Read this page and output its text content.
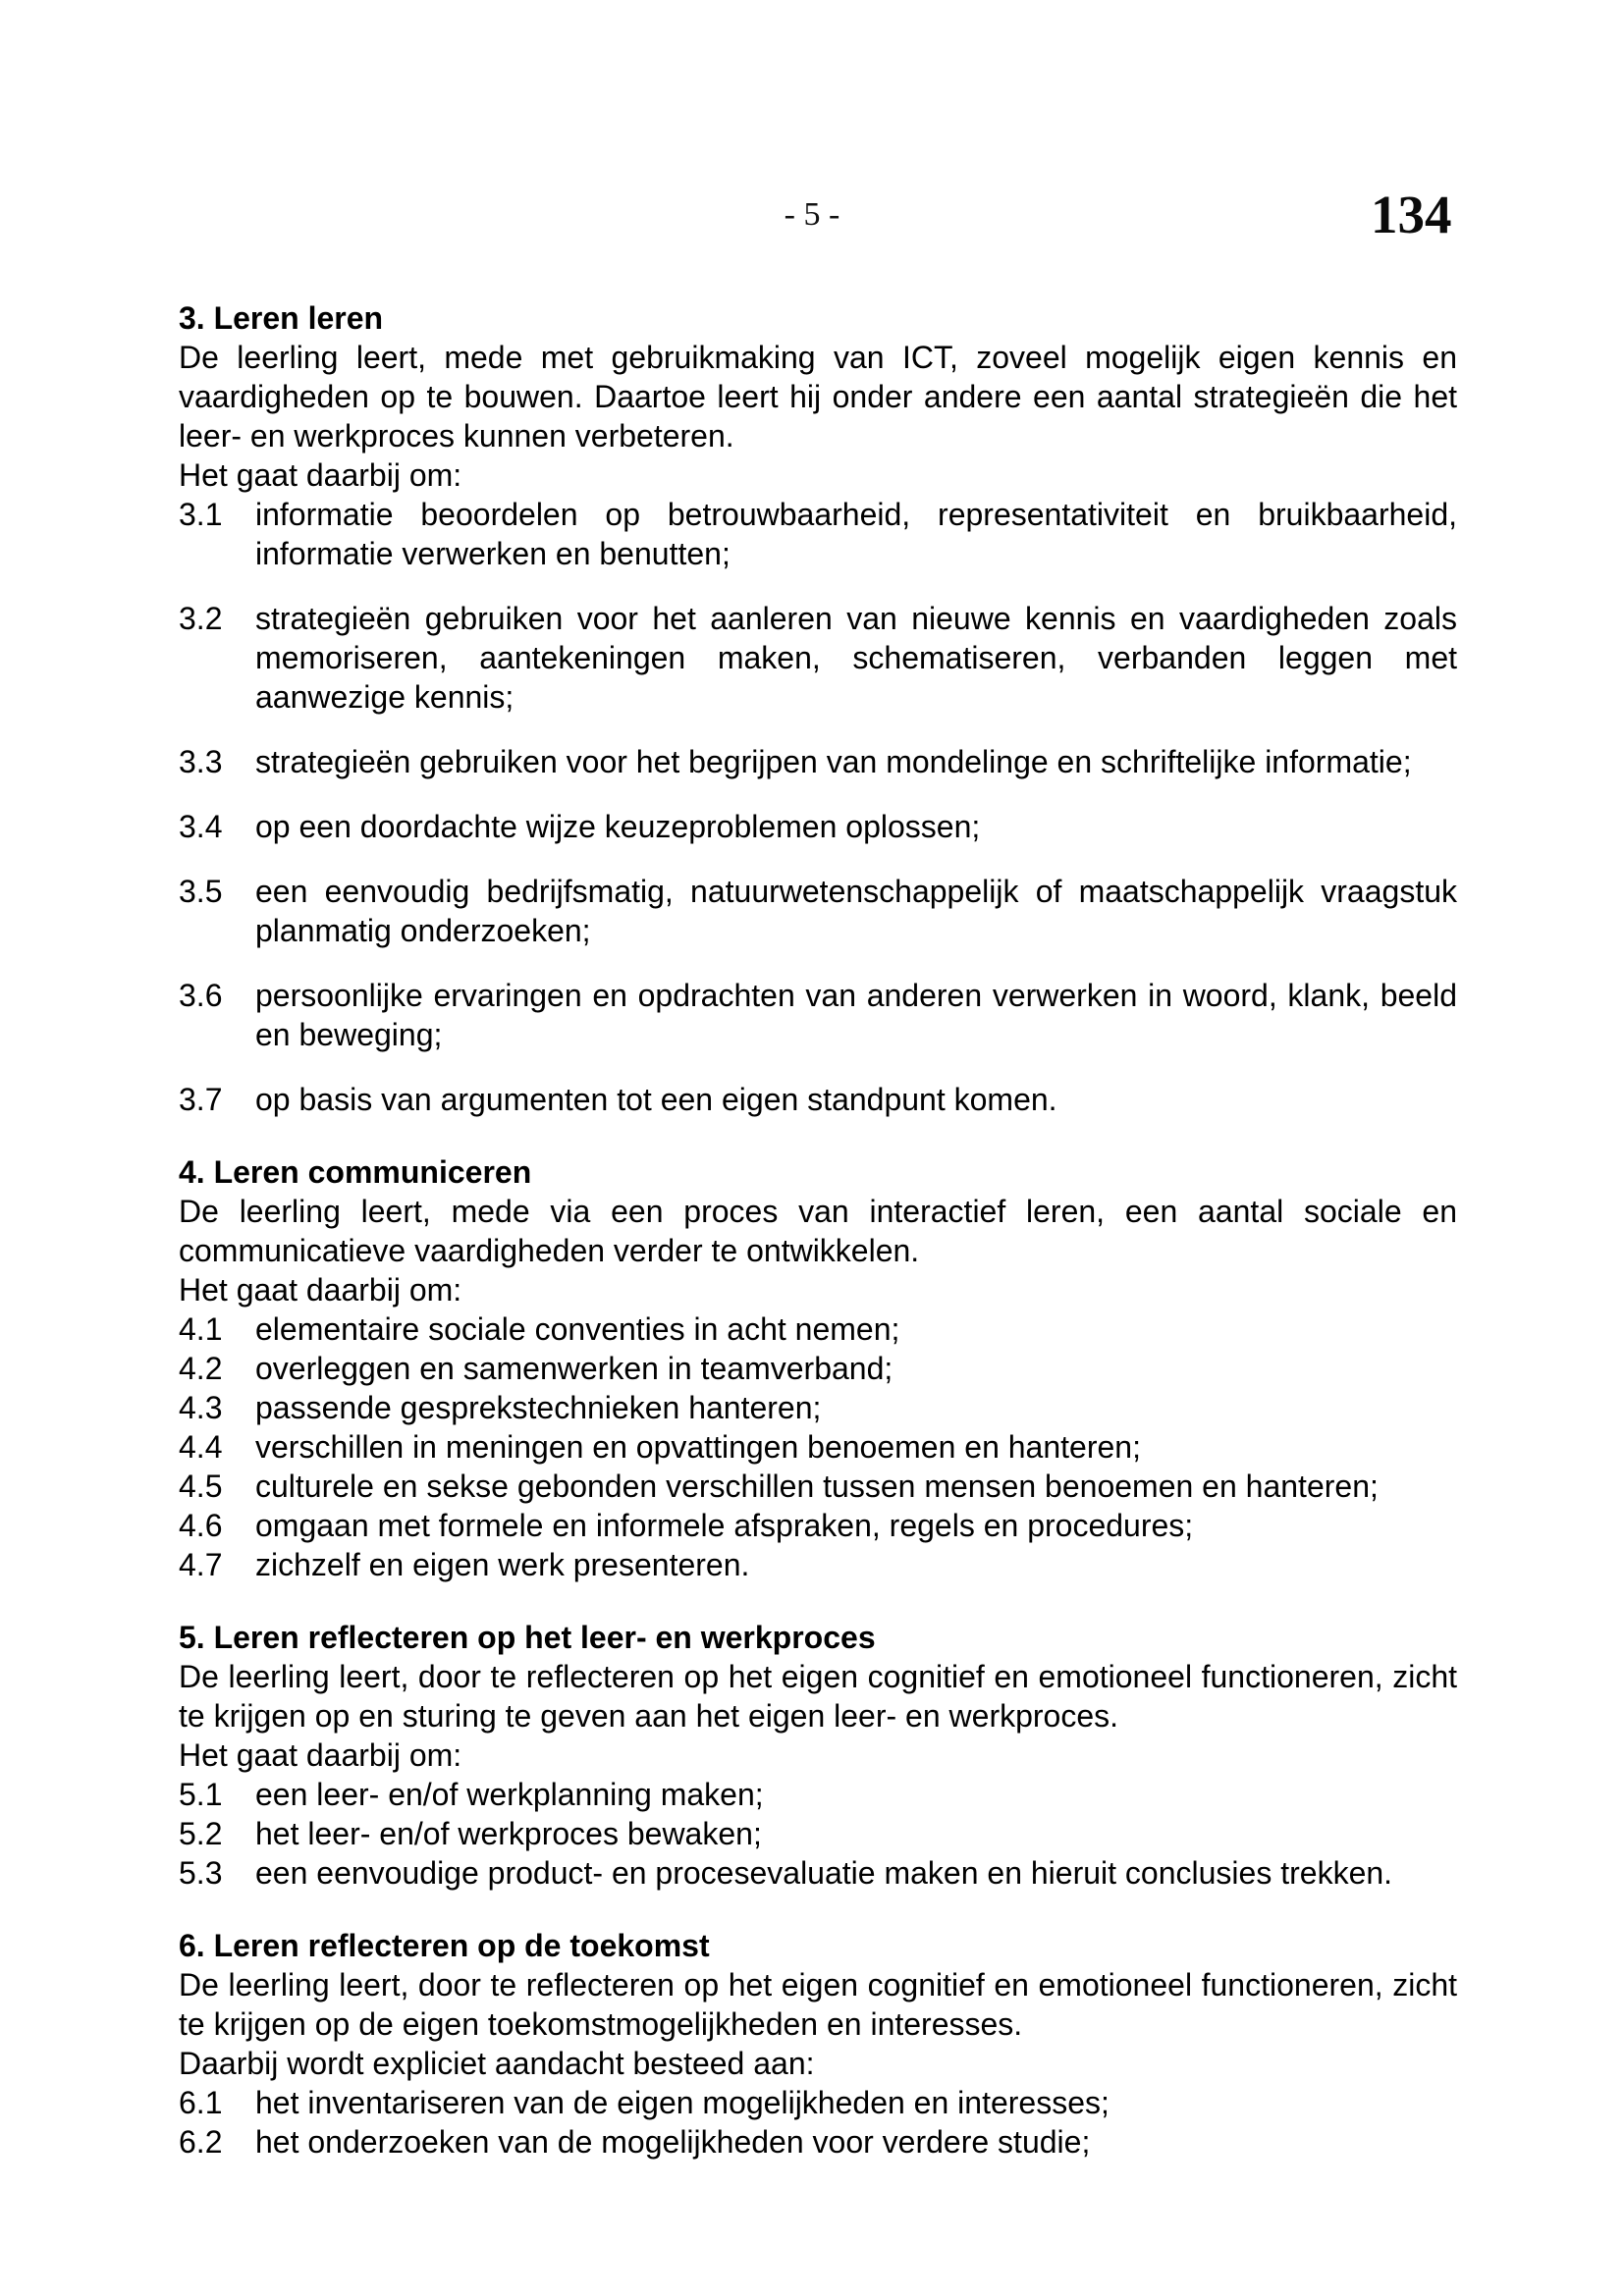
- 5 -	134
3. Leren leren

De leerling leert, mede met gebruikmaking van ICT, zoveel mogelijk eigen kennis en vaardigheden op te bouwen. Daartoe leert hij onder andere een aantal strategieën die het leer- en werkproces kunnen verbeteren.

Het gaat daarbij om:

3.1	informatie beoordelen op betrouwbaarheid, representativiteit en bruikbaarheid, informatie verwerken en benutten;
3.2	strategieën gebruiken voor het aanleren van nieuwe kennis en vaardigheden zoals memoriseren, aantekeningen maken, schematiseren, verbanden leggen met aanwezige kennis;
3.3	strategieën gebruiken voor het begrijpen van mondelinge en schriftelijke informatie;
3.4	op een doordachte wijze keuzeproblemen oplossen;
3.5	een eenvoudig bedrijfsmatig, natuurwetenschappelijk of maatschappelijk vraagstuk planmatig onderzoeken;
3.6	persoonlijke ervaringen en opdrachten van anderen verwerken in woord, klank, beeld en beweging;
3.7	op basis van argumenten tot een eigen standpunt komen.
4. Leren communiceren

De leerling leert, mede via een proces van interactief leren, een aantal sociale en communicatieve vaardigheden verder te ontwikkelen.

Het gaat daarbij om:

4.1	elementaire sociale conventies in acht nemen;
4.2	overleggen en samenwerken in teamverband;
4.3	passende gesprekstechnieken hanteren;
4.4	verschillen in meningen en opvattingen benoemen en hanteren;
4.5	culturele en sekse gebonden verschillen tussen mensen benoemen en hanteren;
4.6	omgaan met formele en informele afspraken, regels en procedures;
4.7	zichzelf en eigen werk presenteren.
5. Leren reflecteren op het leer- en werkproces

De leerling leert, door te reflecteren op het eigen cognitief en emotioneel functioneren, zicht te krijgen op en sturing te geven aan het eigen leer- en werkproces.

Het gaat daarbij om:

5.1	een leer- en/of werkplanning maken;
5.2	het leer- en/of werkproces bewaken;
5.3	een eenvoudige product- en procesevaluatie maken en hieruit conclusies trekken.
6. Leren reflecteren op de toekomst

De leerling leert, door te reflecteren op het eigen cognitief en emotioneel functioneren, zicht te krijgen op de eigen toekomstmogelijkheden en interesses.

Daarbij wordt expliciet aandacht besteed aan:

6.1	het inventariseren van de eigen mogelijkheden en interesses;
6.2	het onderzoeken van de mogelijkheden voor verdere studie;
